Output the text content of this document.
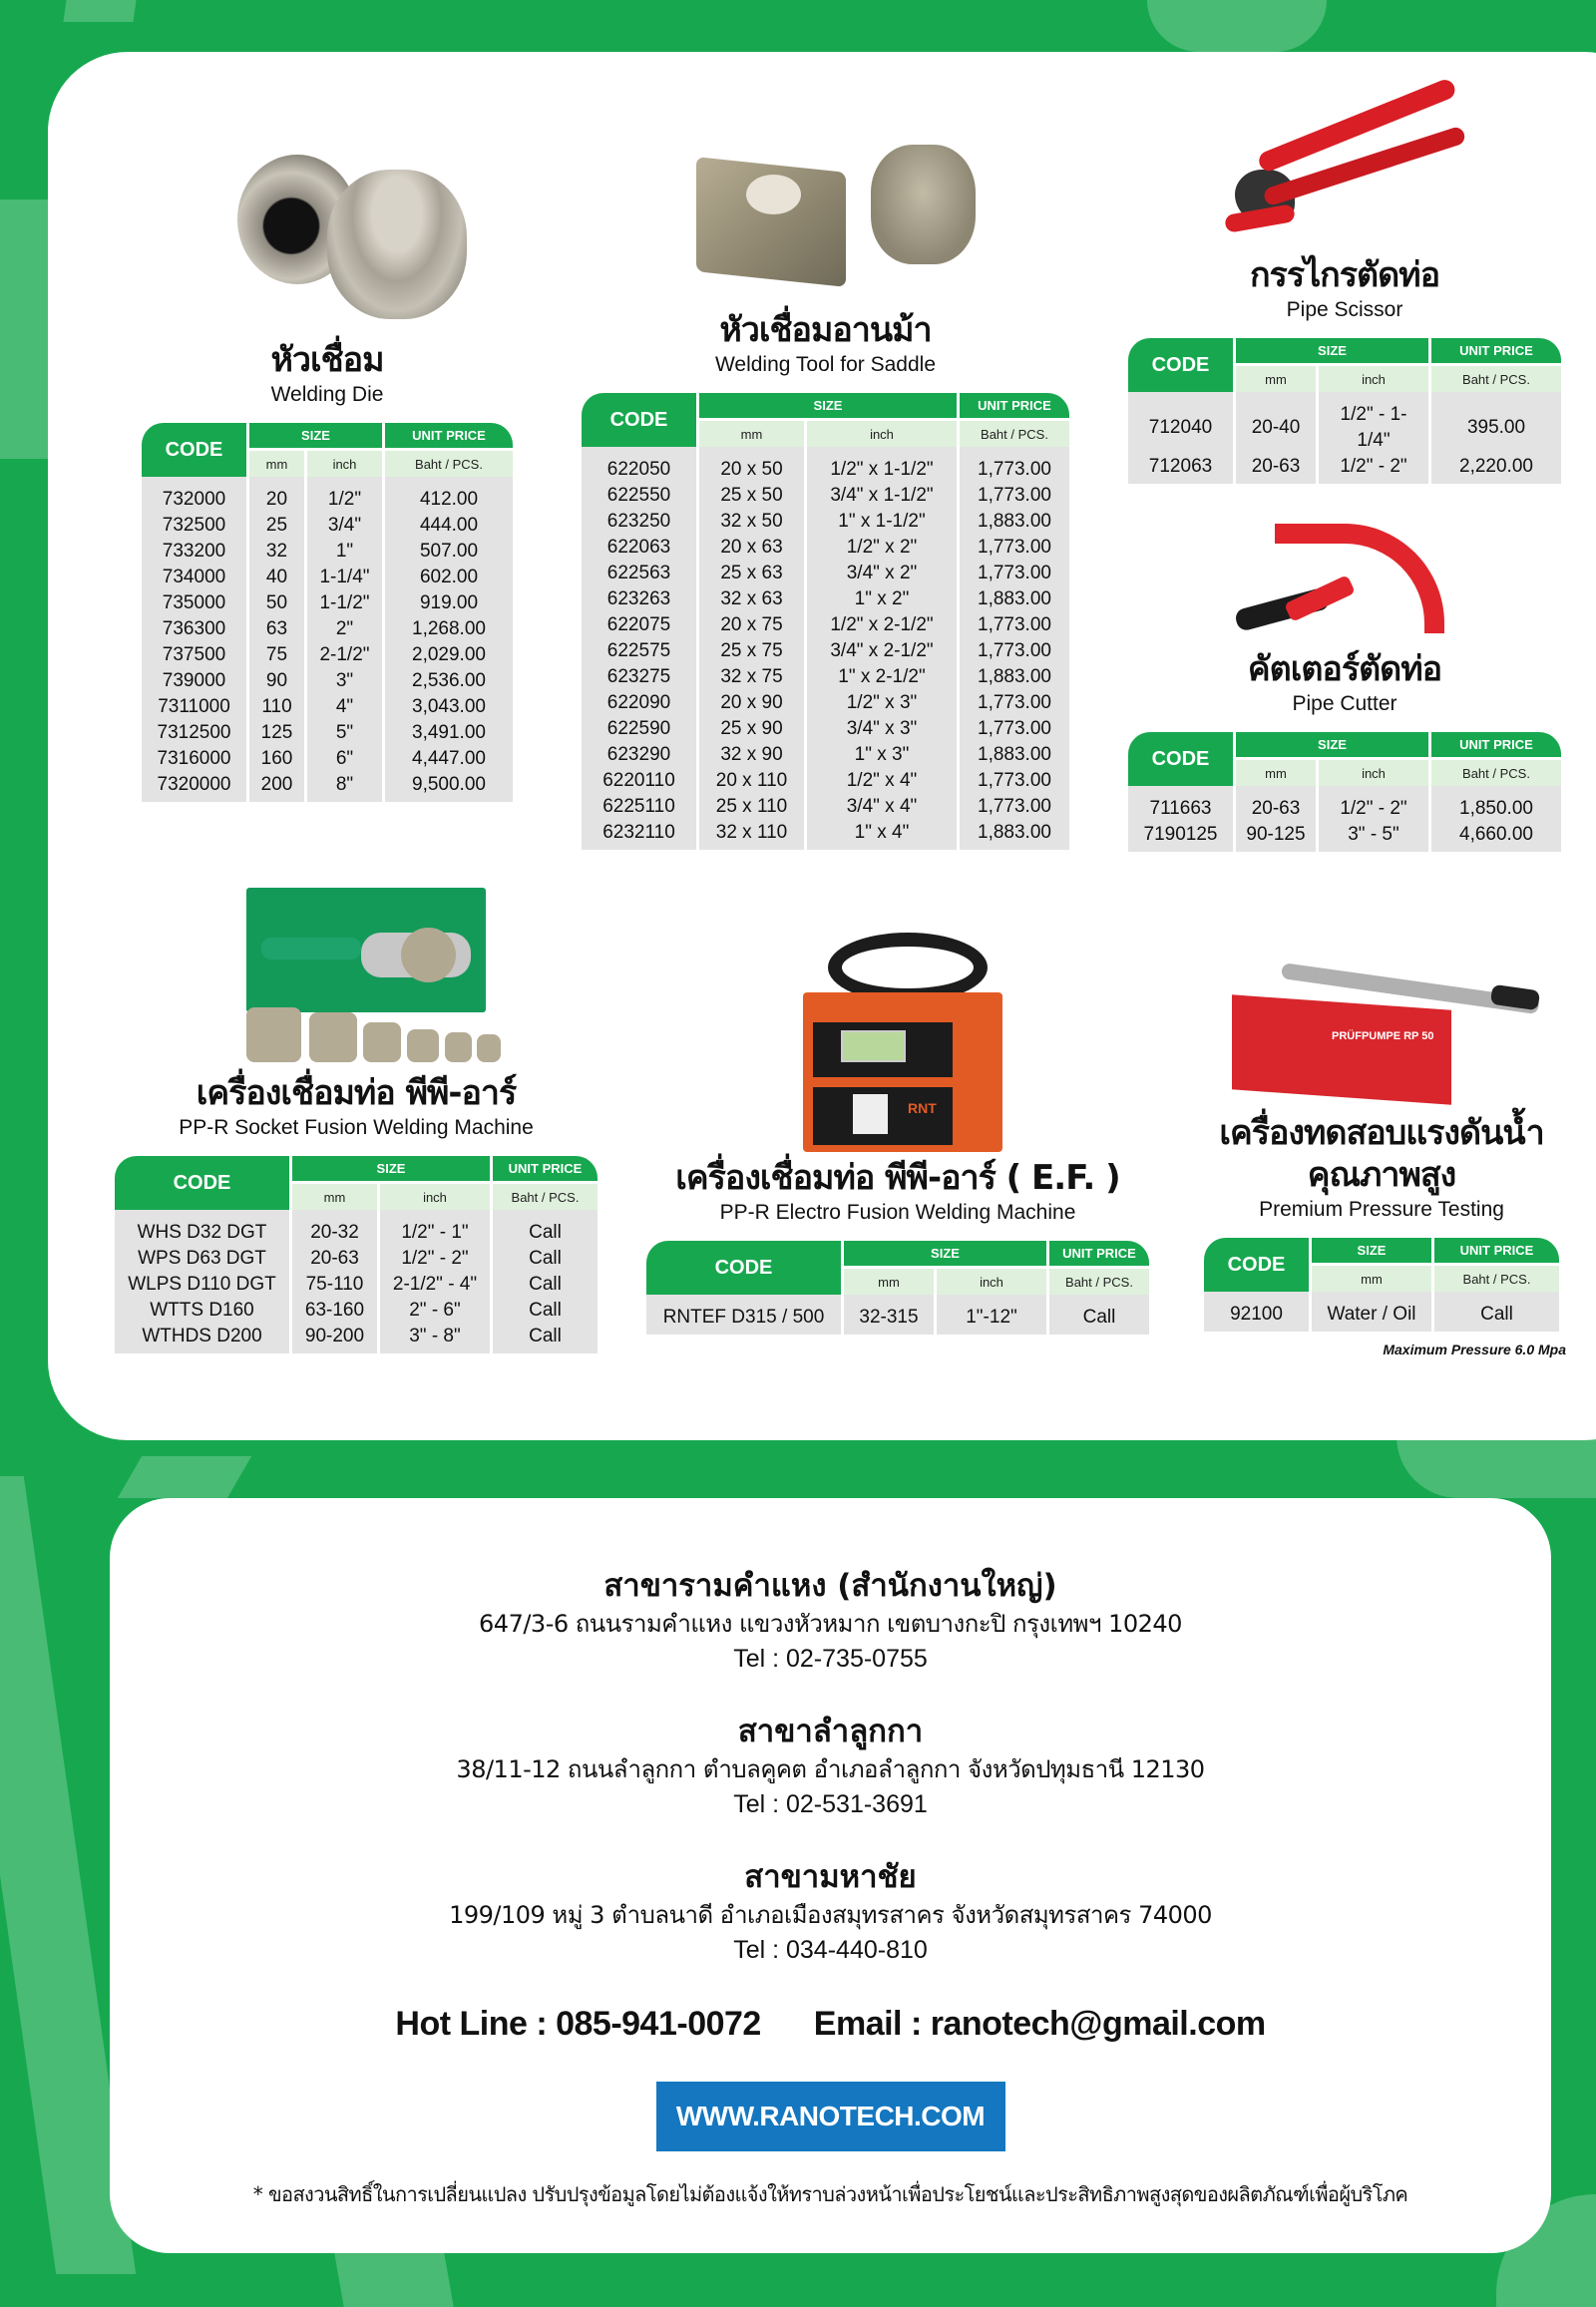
หัวเชื่อม
Welding Die
CODE	SIZE		UNIT PRICE
	mm	inch	Baht / PCS.
732000	20	1/2"	412.00
732500	25	3/4"	444.00
733200	32	1"	507.00
734000	40	1-1/4"	602.00
735000	50	1-1/2"	919.00
736300	63	2"	1,268.00
737500	75	2-1/2"	2,029.00
739000	90	3"	2,536.00
7311000	110	4"	3,043.00
7312500	125	5"	3,491.00
7316000	160	6"	4,447.00
7320000	200	8"	9,500.00
หัวเชื่อมอานม้า
Welding Tool for Saddle
CODE	SIZE		UNIT PRICE
	mm	inch	Baht / PCS.
622050	20 x 50	1/2" x 1-1/2"	1,773.00
622550	25 x 50	3/4" x 1-1/2"	1,773.00
623250	32 x 50	1" x 1-1/2"	1,883.00
622063	20 x 63	1/2" x 2"	1,773.00
622563	25 x 63	3/4" x 2"	1,773.00
623263	32 x 63	1" x 2"	1,883.00
622075	20 x 75	1/2" x 2-1/2"	1,773.00
622575	25 x 75	3/4" x 2-1/2"	1,773.00
623275	32 x 75	1" x 2-1/2"	1,883.00
622090	20 x 90	1/2" x 3"	1,773.00
622590	25 x 90	3/4" x 3"	1,773.00
623290	32 x 90	1" x 3"	1,883.00
6220110	20 x 110	1/2" x 4"	1,773.00
6225110	25 x 110	3/4" x 4"	1,773.00
6232110	32 x 110	1" x 4"	1,883.00
กรรไกรตัดท่อ
Pipe Scissor
CODE	SIZE		UNIT PRICE
	mm	inch	Baht / PCS.
712040	20-40	1/2" - 1-1/4"	395.00
712063	20-63	1/2" - 2"	2,220.00
คัตเตอร์ตัดท่อ
Pipe Cutter
CODE	SIZE		UNIT PRICE
	mm	inch	Baht / PCS.
711663	20-63	1/2" - 2"	1,850.00
7190125	90-125	3" - 5"	4,660.00
เครื่องเชื่อมท่อ พีพี-อาร์
PP-R Socket Fusion Welding Machine
CODE	SIZE		UNIT PRICE
	mm	inch	Baht / PCS.
WHS D32 DGT	20-32	1/2" - 1"	Call
WPS D63 DGT	20-63	1/2" - 2"	Call
WLPS D110 DGT	75-110	2-1/2" - 4"	Call
WTTS D160	63-160	2" - 6"	Call
WTHDS D200	90-200	3" - 8"	Call
RNT
เครื่องเชื่อมท่อ พีพี-อาร์ ( E.F. )
PP-R Electro Fusion Welding Machine
CODE	SIZE		UNIT PRICE
	mm	inch	Baht / PCS.
RNTEF D315 / 500	32-315	1"-12"	Call
PRÜFPUMPE RP 50
เครื่องทดสอบแรงดันน้ำ
คุณภาพสูง
Premium Pressure Testing
CODE	SIZE	UNIT PRICE
	mm	Baht / PCS.
92100	Water / Oil	Call
Maximum Pressure 6.0 Mpa
สาขารามคำแหง (สำนักงานใหญ่)
647/3-6 ถนนรามคำแหง แขวงหัวหมาก เขตบางกะปิ กรุงเทพฯ 10240
Tel : 02-735-0755
สาขาลำลูกกา
38/11-12 ถนนลำลูกกา ตำบลคูคต อำเภอลำลูกกา จังหวัดปทุมธานี 12130
Tel : 02-531-3691
สาขามหาชัย
199/109 หมู่ 3 ตำบลนาดี อำเภอเมืองสมุทรสาคร จังหวัดสมุทรสาคร 74000
Tel : 034-440-810
Hot Line : 085-941-0072 Email : ranotech@gmail.com
WWW.RANOTECH.COM
* ขอสงวนสิทธิ์ในการเปลี่ยนแปลง ปรับปรุงข้อมูลโดยไม่ต้องแจ้งให้ทราบล่วงหน้าเพื่อประโยชน์และประสิทธิภาพสูงสุดของผลิตภัณฑ์เพื่อผู้บริโภค
